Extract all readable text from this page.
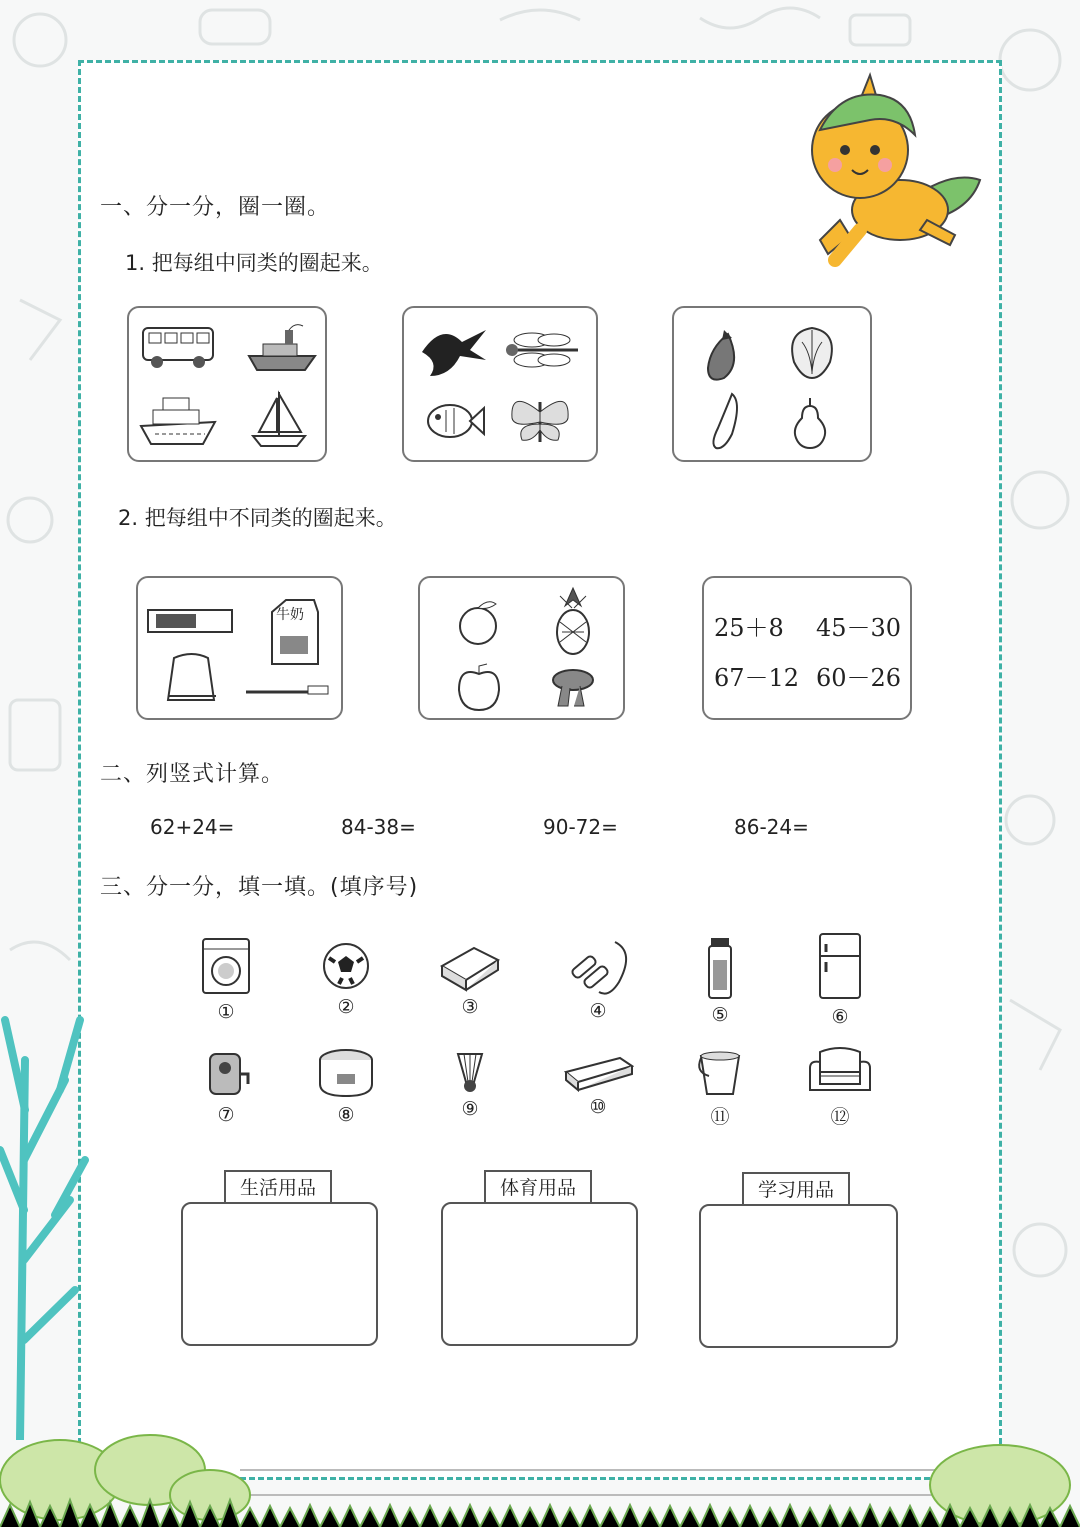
一、分一分，圈一圈。
1. 把每组中同类的圈起来。
2. 把每组中不同类的圈起来。
牛奶	25＋8 45－30
67－12 60－26
二、列竖式计算。
62+24=	84-38=	90-72=	86-24=
三、分一分，填一填。(填序号)
①	②	③	④	⑤	⑥
⑦	⑧	⑨	⑩	⑪	⑫
生活用品	体育用品	学习用品
